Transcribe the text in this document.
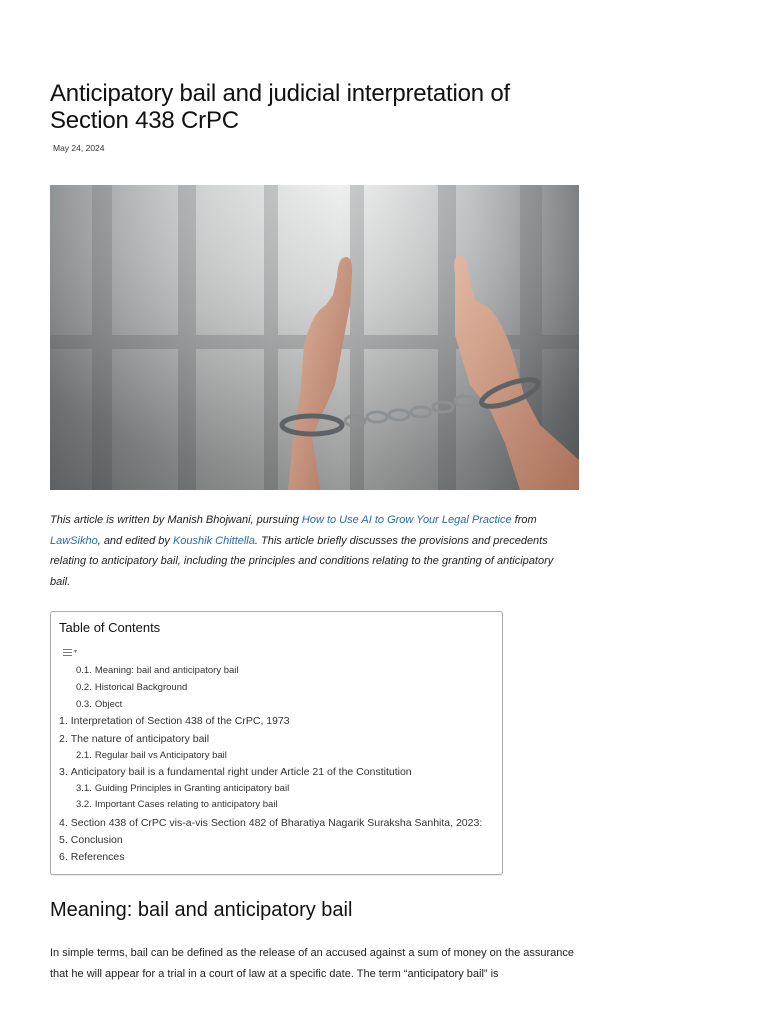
Anticipatory bail and judicial interpretation of Section 438 CrPC

May 24, 2024

This article is written by Manish Bhojwani, pursuing How to Use AI to Grow Your Legal Practice from LawSikho, and edited by Koushik Chittella. This article briefly discusses the provisions and precedents relating to anticipatory bail, including the principles and conditions relating to the granting of anticipatory bail.

Table of Contents

▾
0.1. Meaning: bail and anticipatory bail
0.2. Historical Background
0.3. Object
1. Interpretation of Section 438 of the CrPC, 1973
2. The nature of anticipatory bail
2.1. Regular bail vs Anticipatory bail
3. Anticipatory bail is a fundamental right under Article 21 of the Constitution
3.1. Guiding Principles in Granting anticipatory bail
3.2. Important Cases relating to anticipatory bail
4. Section 438 of CrPC vis-a-vis Section 482 of Bharatiya Nagarik Suraksha Sanhita, 2023:
5. Conclusion
6. References
Meaning: bail and anticipatory bail

In simple terms, bail can be defined as the release of an accused against a sum of money on the assurance that he will appear for a trial in a court of law at a specific date. The term “anticipatory bail” is
